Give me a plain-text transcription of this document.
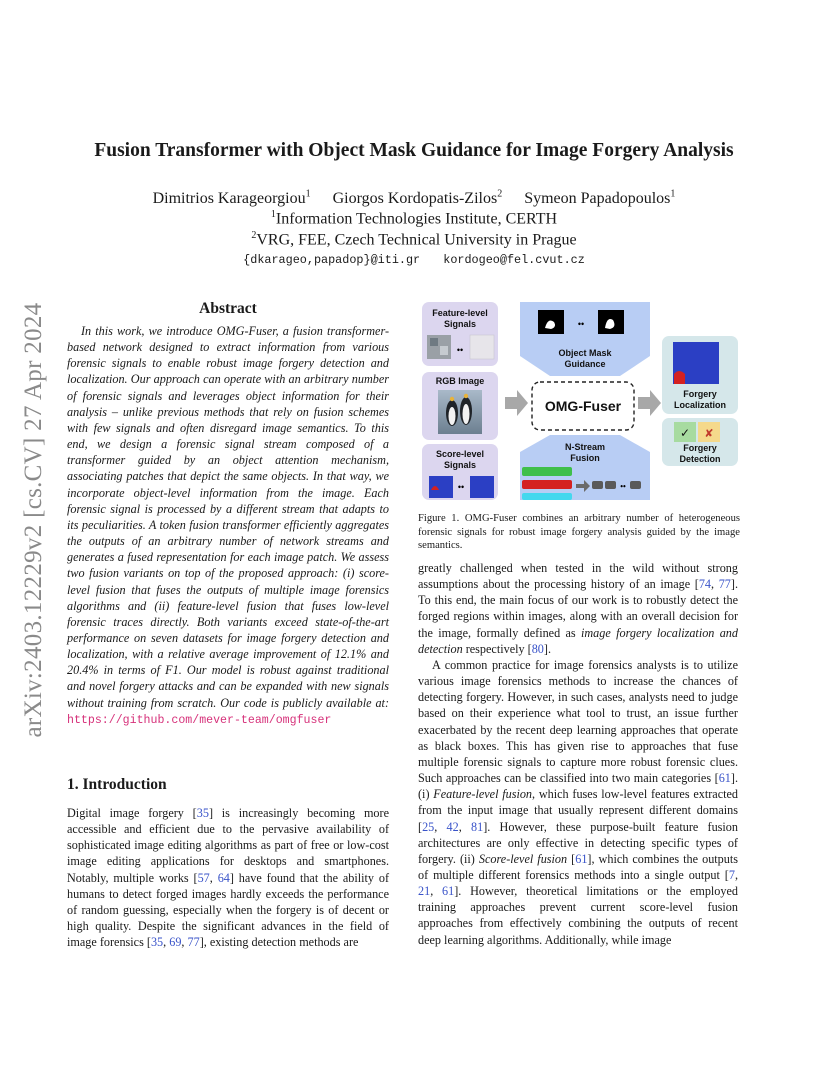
arXiv:2403.12229v2 [cs.CV] 27 Apr 2024
Fusion Transformer with Object Mask Guidance for Image Forgery Analysis
Dimitrios Karageorgiou$^1$ Giorgos Kordopatis-Zilos$^2$ Symeon Papadopoulos$^1$
$^1$Information Technologies Institute, CERTH
$^2$VRG, FEE, Czech Technical University in Prague
{dkarageo,papadop}@iti.gr kordogeo@fel.cvut.cz
Abstract

In this work, we introduce OMG-Fuser, a fusion transformer-based network designed to extract information from various forensic signals to enable robust image forgery detection and localization. Our approach can operate with an arbitrary number of forensic signals and leverages object information for their analysis – unlike previous methods that rely on fusion schemes with few signals and often disregard image semantics. To this end, we design a forensic signal stream composed of a transformer guided by an object attention mechanism, associating patches that depict the same objects. In that way, we incorporate object-level information from the image. Each forensic signal is processed by a different stream that adapts to its peculiarities. A token fusion transformer efficiently aggregates the outputs of an arbitrary number of network streams and generates a fused representation for each image patch. We assess two fusion variants on top of the proposed approach: (i) score-level fusion that fuses the outputs of multiple image forensics algorithms and (ii) feature-level fusion that fuses low-level forensic traces directly. Both variants exceed state-of-the-art performance on seven datasets for image forgery detection and localization, with a relative average improvement of 12.1% and 20.4% in terms of F1. Our model is robust against traditional and novel forgery attacks and can be expanded with new signals without training from scratch. Our code is publicly available at: https://github.com/mever-team/omgfuser

1. Introduction

Digital image forgery [35] is increasingly becoming more accessible and efficient due to the pervasive availability of sophisticated image editing algorithms as part of free or low-cost image editing applications for desktops and smartphones. Notably, multiple works [57, 64] have found that the ability of humans to detect forged images hardly exceeds the performance of random guessing, especially when the forgery is of decent or high quality. Despite the significant advances in the field of image forensics [35, 69, 77], existing detection methods are

Feature-level
Signals
••
RGB Image
Score-level
Signals
••
••
Object Mask
Guidance
OMG-Fuser
N-Stream
Fusion
••
Forgery
Localization
✓ ✘
Forgery
Detection

Figure 1. OMG-Fuser combines an arbitrary number of heterogeneous forensic signals for robust image forgery analysis guided by the image semantics.

greatly challenged when tested in the wild without strong assumptions about the processing history of an image [74, 77]. To this end, the main focus of our work is to robustly detect the forged regions within images, along with an overall decision for the image, formally defined as image forgery localization and detection respectively [80].

A common practice for image forensics analysts is to utilize various image forensics methods to increase the chances of detecting forgery. However, in such cases, analysts need to judge based on their experience what tool to trust, an issue further exacerbated by the recent deep learning approaches that operate as black boxes. This has given rise to approaches that fuse multiple forensic signals to capture more robust forensic clues. Such approaches can be classified into two main categories [61]. (i) Feature-level fusion, which fuses low-level features extracted from the input image that usually represent different domains [25, 42, 81]. However, these purpose-built feature fusion architectures are only effective in detecting specific types of forgery. (ii) Score-level fusion [61], which combines the outputs of multiple different forensics methods into a single output [7, 21, 61]. However, theoretical limitations or the employed training approaches prevent current score-level fusion approaches from effectively combining the outputs of recent deep learning algorithms. Additionally, while image
